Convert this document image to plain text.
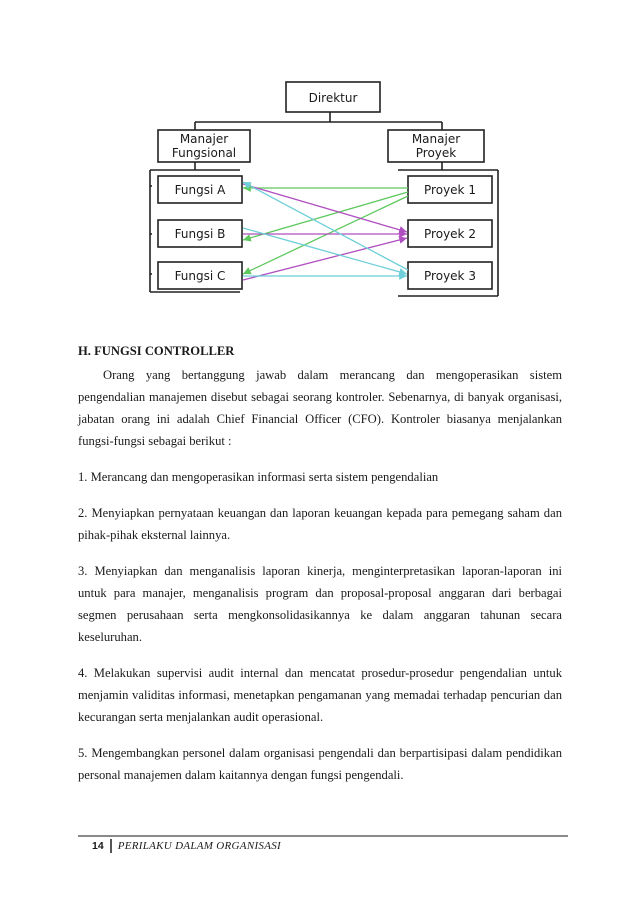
Direktur
Manajer
Fungsional
Manajer
Proyek
Fungsi A
Fungsi B
Fungsi C
Proyek 1
Proyek 2
Proyek 3

H. FUNGSI CONTROLLER

Orang yang bertanggung jawab dalam merancang dan mengoperasikan sistem pengendalian manajemen disebut sebagai seorang kontroler. Sebenarnya, di banyak organisasi, jabatan orang ini adalah Chief Financial Officer (CFO). Kontroler biasanya menjalankan fungsi-fungsi sebagai berikut :

1. Merancang dan mengoperasikan informasi serta sistem pengendalian

2. Menyiapkan pernyataan keuangan dan laporan keuangan kepada para pemegang saham dan pihak-pihak eksternal lainnya.

3. Menyiapkan dan menganalisis laporan kinerja, menginterpretasikan laporan-laporan ini untuk para manajer, menganalisis program dan proposal-proposal anggaran dari berbagai segmen perusahaan serta mengkonsolidasikannya ke dalam anggaran tahunan secara keseluruhan.

4. Melakukan supervisi audit internal dan mencatat prosedur-prosedur pengendalian untuk menjamin validitas informasi, menetapkan pengamanan yang memadai terhadap pencurian dan kecurangan serta menjalankan audit operasional.

5. Mengembangkan personel dalam organisasi pengendali dan berpartisipasi dalam pendidikan personal manajemen dalam kaitannya dengan fungsi pengendali.

14 PERILAKU DALAM ORGANISASI
